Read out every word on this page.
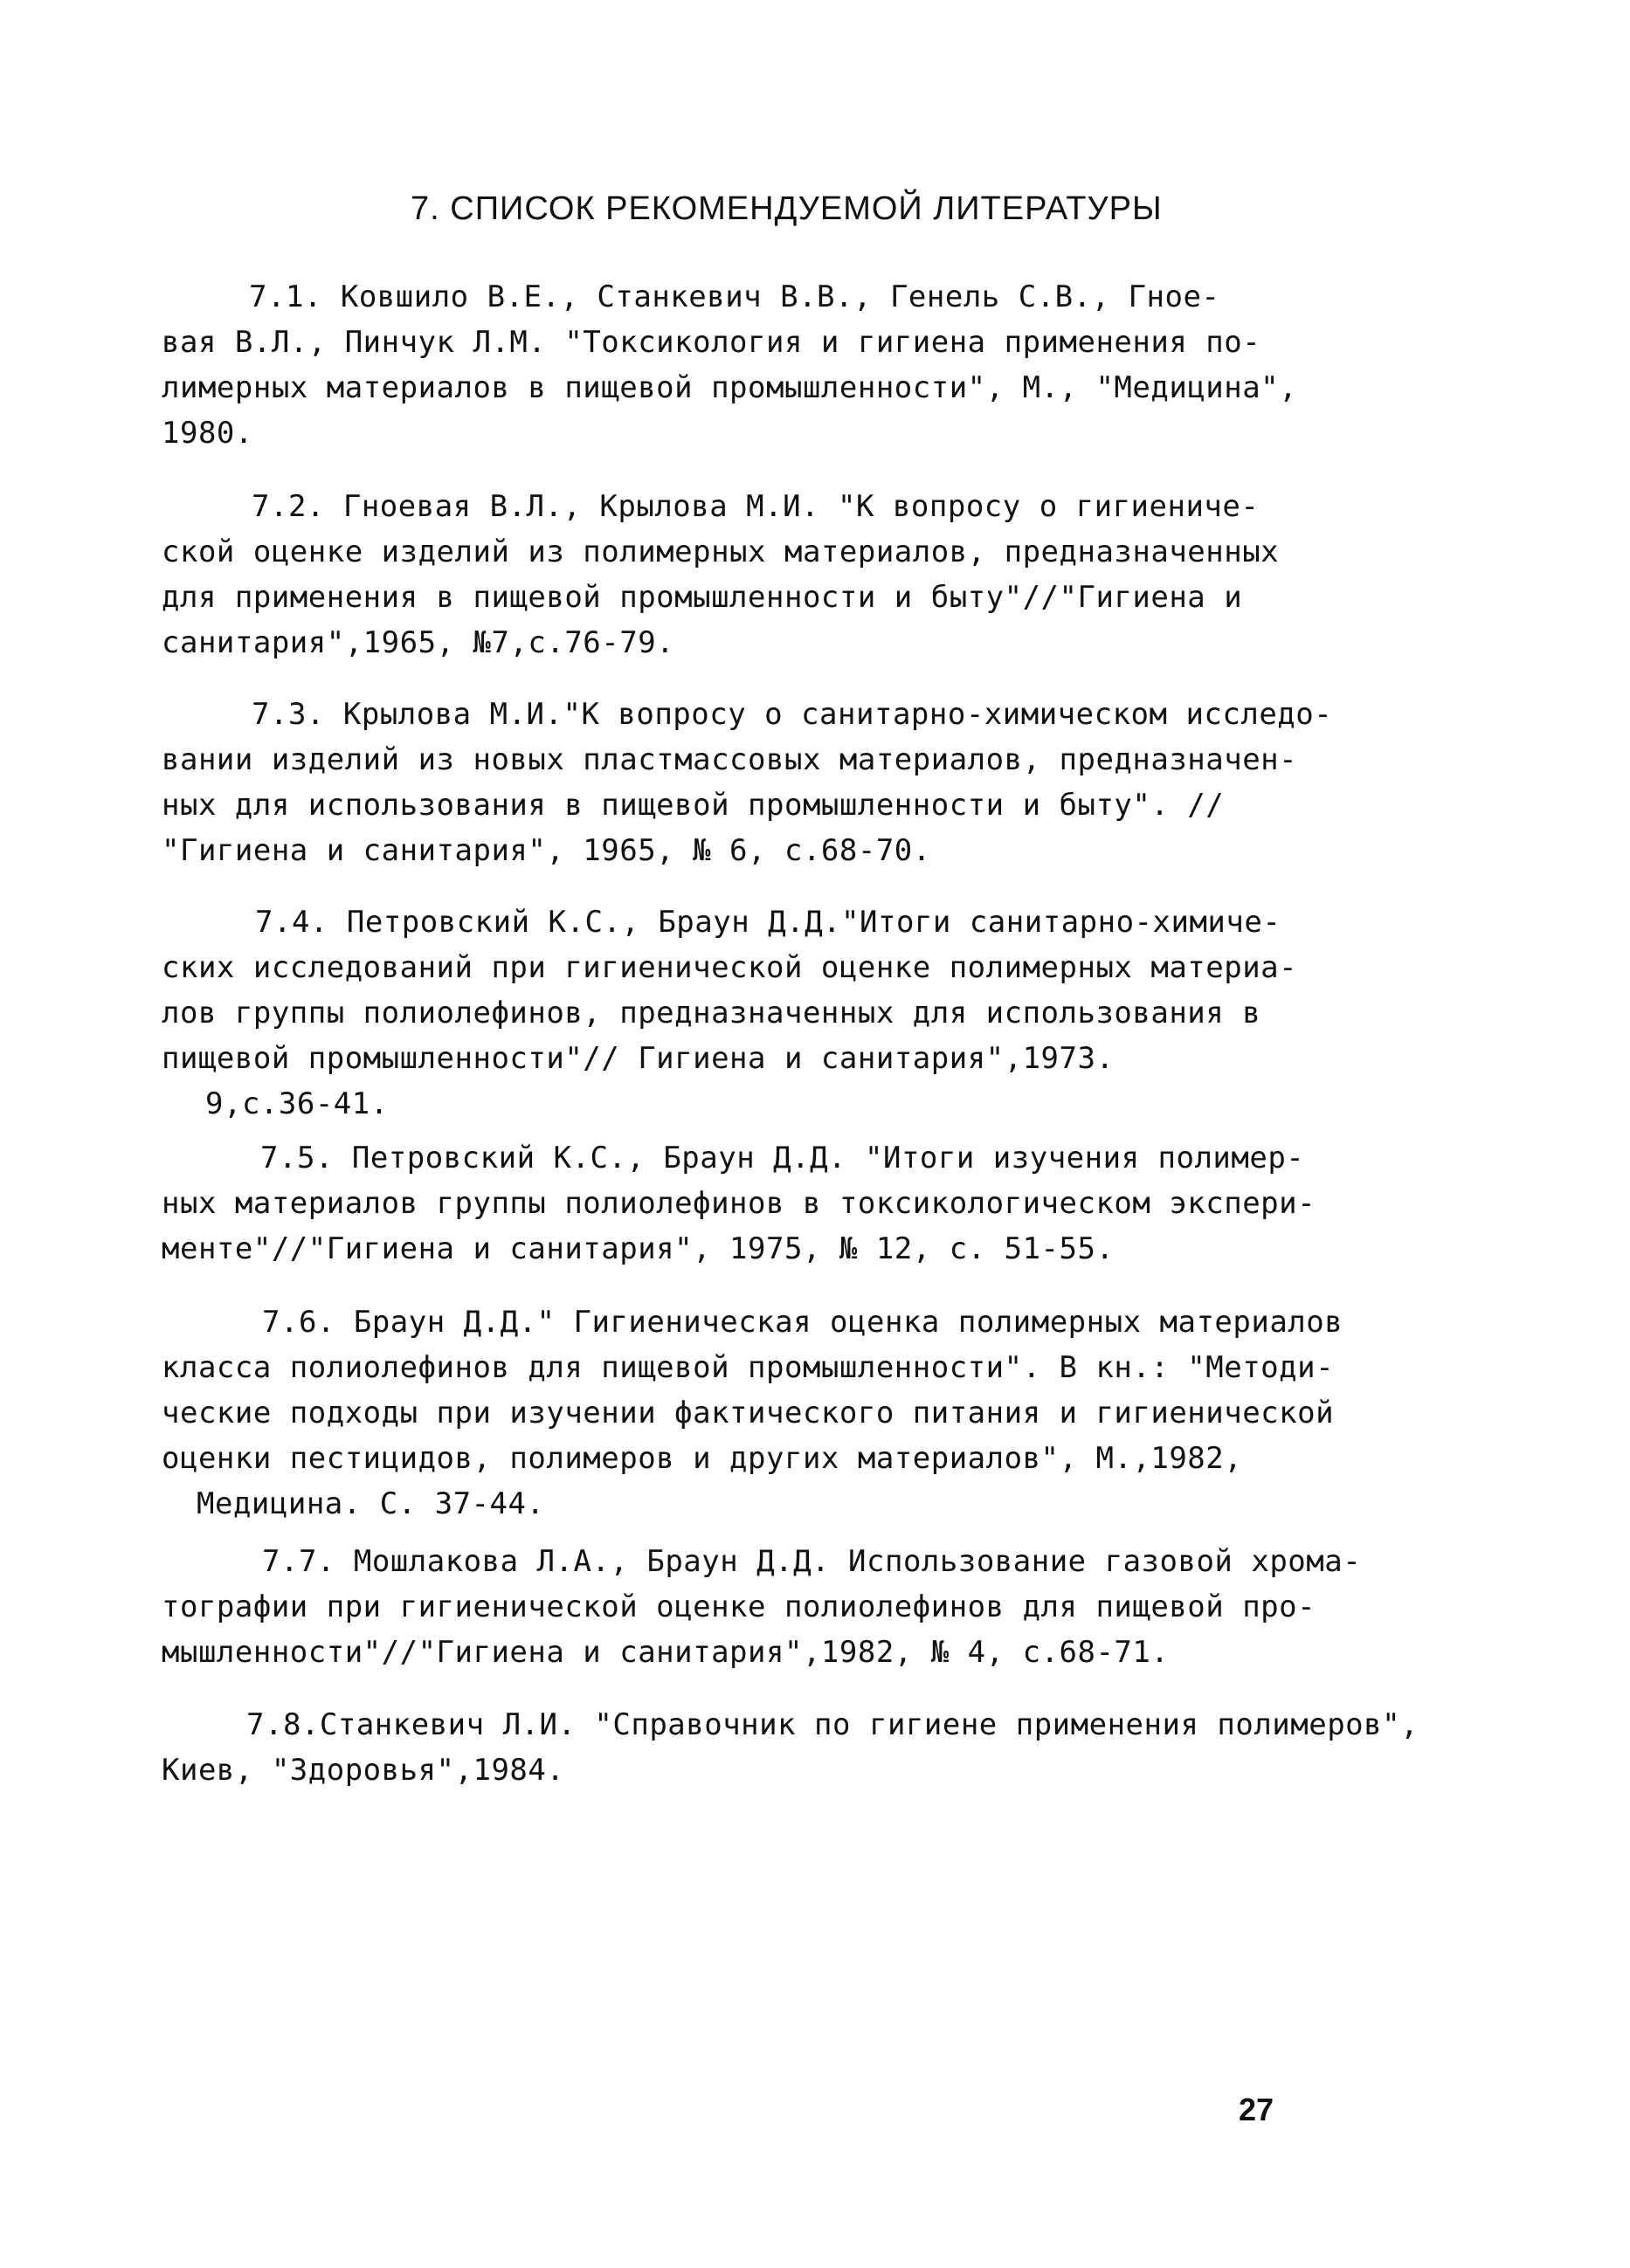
7. СПИСОК РЕКОМЕНДУЕМОЙ ЛИТЕРАТУРЫ
7.1. Ковшило В.Е., Станкевич В.В., Генель С.В., Гное-
вая В.Л., Пинчук Л.М. "Токсикология и гигиена применения по-
лимерных материалов в пищевой промышленности", М., "Медицина",
1980.
7.2. Гноевая В.Л., Крылова М.И. "К вопросу о гигиениче-
ской оценке изделий из полимерных материалов, предназначенных
для применения в пищевой промышленности и быту"//"Гигиена и
санитария",1965, №7,с.76-79.
7.3. Крылова М.И."К вопросу о санитарно-химическом исследо-
вании изделий из новых пластмассовых материалов, предназначен-
ных для использования в пищевой промышленности и быту". //
"Гигиена и санитария", 1965, № 6, с.68-70.
7.4. Петровский К.С., Браун Д.Д."Итоги санитарно-химиче-
ских исследований при гигиенической оценке полимерных материа-
лов группы полиолефинов, предназначенных для использования в
пищевой промышленности"// Гигиена и санитария",1973.
9,с.36-41.
7.5. Петровский К.С., Браун Д.Д. "Итоги изучения полимер-
ных материалов группы полиолефинов в токсикологическом экспери-
менте"//"Гигиена и санитария", 1975, № 12, с. 51-55.
7.6. Браун Д.Д." Гигиеническая оценка полимерных материалов
класса полиолефинов для пищевой промышленности". В кн.: "Методи-
ческие подходы при изучении фактического питания и гигиенической
оценки пестицидов, полимеров и других материалов", М.,1982,
Медицина. С. 37-44.
7.7. Мошлакова Л.А., Браун Д.Д. Использование газовой хрома-
тографии при гигиенической оценке полиолефинов для пищевой про-
мышленности"//"Гигиена и санитария",1982, № 4, с.68-71.
7.8.Станкевич Л.И. "Справочник по гигиене применения полимеров",
Киев, "Здоровья",1984.
27
